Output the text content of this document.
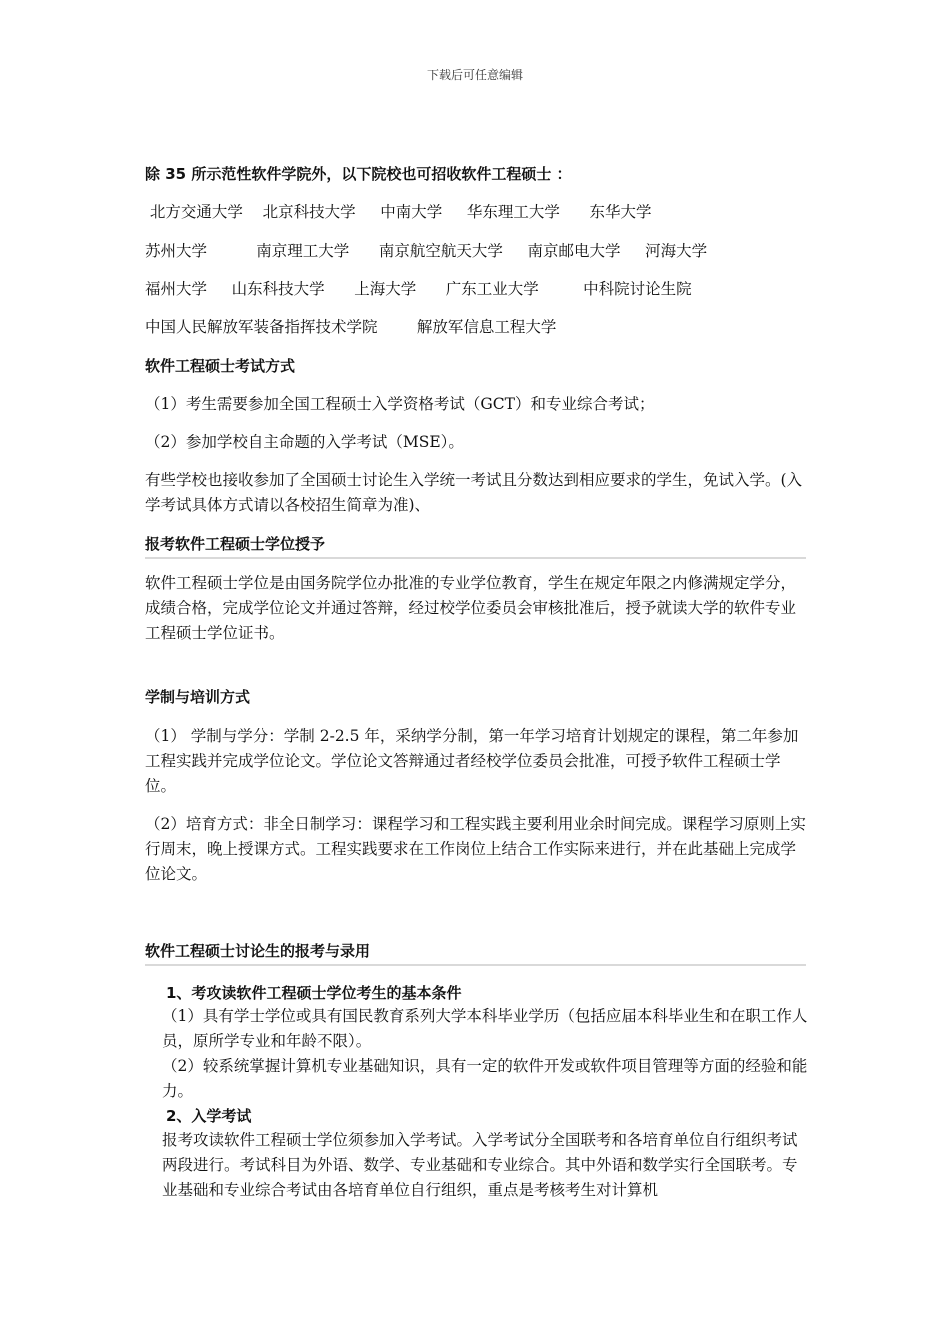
下载后可任意编辑
除 35 所示范性软件学院外，以下院校也可招收软件工程硕士 ：
北方交通大学    北京科技大学     中南大学     华东理工大学      东华大学
苏州大学          南京理工大学      南京航空航天大学     南京邮电大学     河海大学
福州大学     山东科技大学      上海大学      广东工业大学         中科院讨论生院
中国人民解放军装备指挥技术学院        解放军信息工程大学
软件工程硕士考试方式
（1）考生需要参加全国工程硕士入学资格考试（GCT）和专业综合考试；
（2）参加学校自主命题的入学考试（MSE）。
有些学校也接收参加了全国硕士讨论生入学统一考试且分数达到相应要求的学生，免试入学。(入学考试具体方式请以各校招生简章为准)、
报考软件工程硕士学位授予
软件工程硕士学位是由国务院学位办批准的专业学位教育，学生在规定年限之内修满规定学分，成绩合格，完成学位论文并通过答辩，经过校学位委员会审核批准后，授予就读大学的软件专业工程硕士学位证书。
学制与培训方式
（1） 学制与学分：学制 2-2.5 年，采纳学分制，第一年学习培育计划规定的课程，第二年参加工程实践并完成学位论文。学位论文答辩通过者经校学位委员会批准，可授予软件工程硕士学位。
（2）培育方式：非全日制学习：课程学习和工程实践主要利用业余时间完成。课程学习原则上实行周末，晚上授课方式。工程实践要求在工作岗位上结合工作实际来进行，并在此基础上完成学位论文。
软件工程硕士讨论生的报考与录用
1、考攻读软件工程硕士学位考生的基本条件
（1）具有学士学位或具有国民教育系列大学本科毕业学历（包括应届本科毕业生和在职工作人员，原所学专业和年龄不限）。
（2）较系统掌握计算机专业基础知识，具有一定的软件开发或软件项目管理等方面的经验和能力。
2、入学考试
报考攻读软件工程硕士学位须参加入学考试。入学考试分全国联考和各培育单位自行组织考试两段进行。考试科目为外语、数学、专业基础和专业综合。其中外语和数学实行全国联考。专业基础和专业综合考试由各培育单位自行组织，重点是考核考生对计算机
